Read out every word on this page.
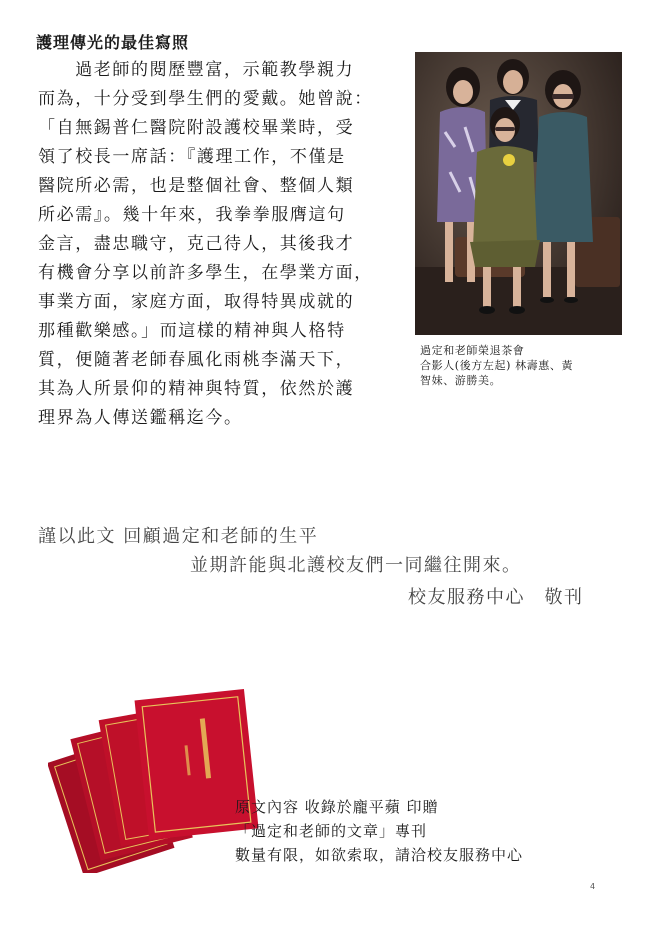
護理傳光的最佳寫照
　　過老師的閱歷豐富，示範教學親力
而為，十分受到學生們的愛戴。她曾說：
「自無錫普仁醫院附設護校畢業時，受
領了校長一席話：『護理工作，不僅是
醫院所必需，也是整個社會、整個人類
所必需』。幾十年來，我拳拳服膺這句
金言，盡忠職守，克己待人，其後我才
有機會分享以前許多學生，在學業方面，
事業方面，家庭方面，取得特異成就的
那種歡樂感。」而這樣的精神與人格特
質，便隨著老師春風化雨桃李滿天下，
其為人所景仰的精神與特質，依然於護
理界為人傳送鑑稱迄今。
過定和老師榮退茶會
合影人(後方左起) 林壽惠、黃
智妹、游勝美。
謹以此文 回顧過定和老師的生平
並期許能與北護校友們一同繼往開來。
校友服務中心　敬刊
原文內容 收錄於龐平蘋 印贈
「過定和老師的文章」專刊
數量有限，如欲索取，請洽校友服務中心
4
